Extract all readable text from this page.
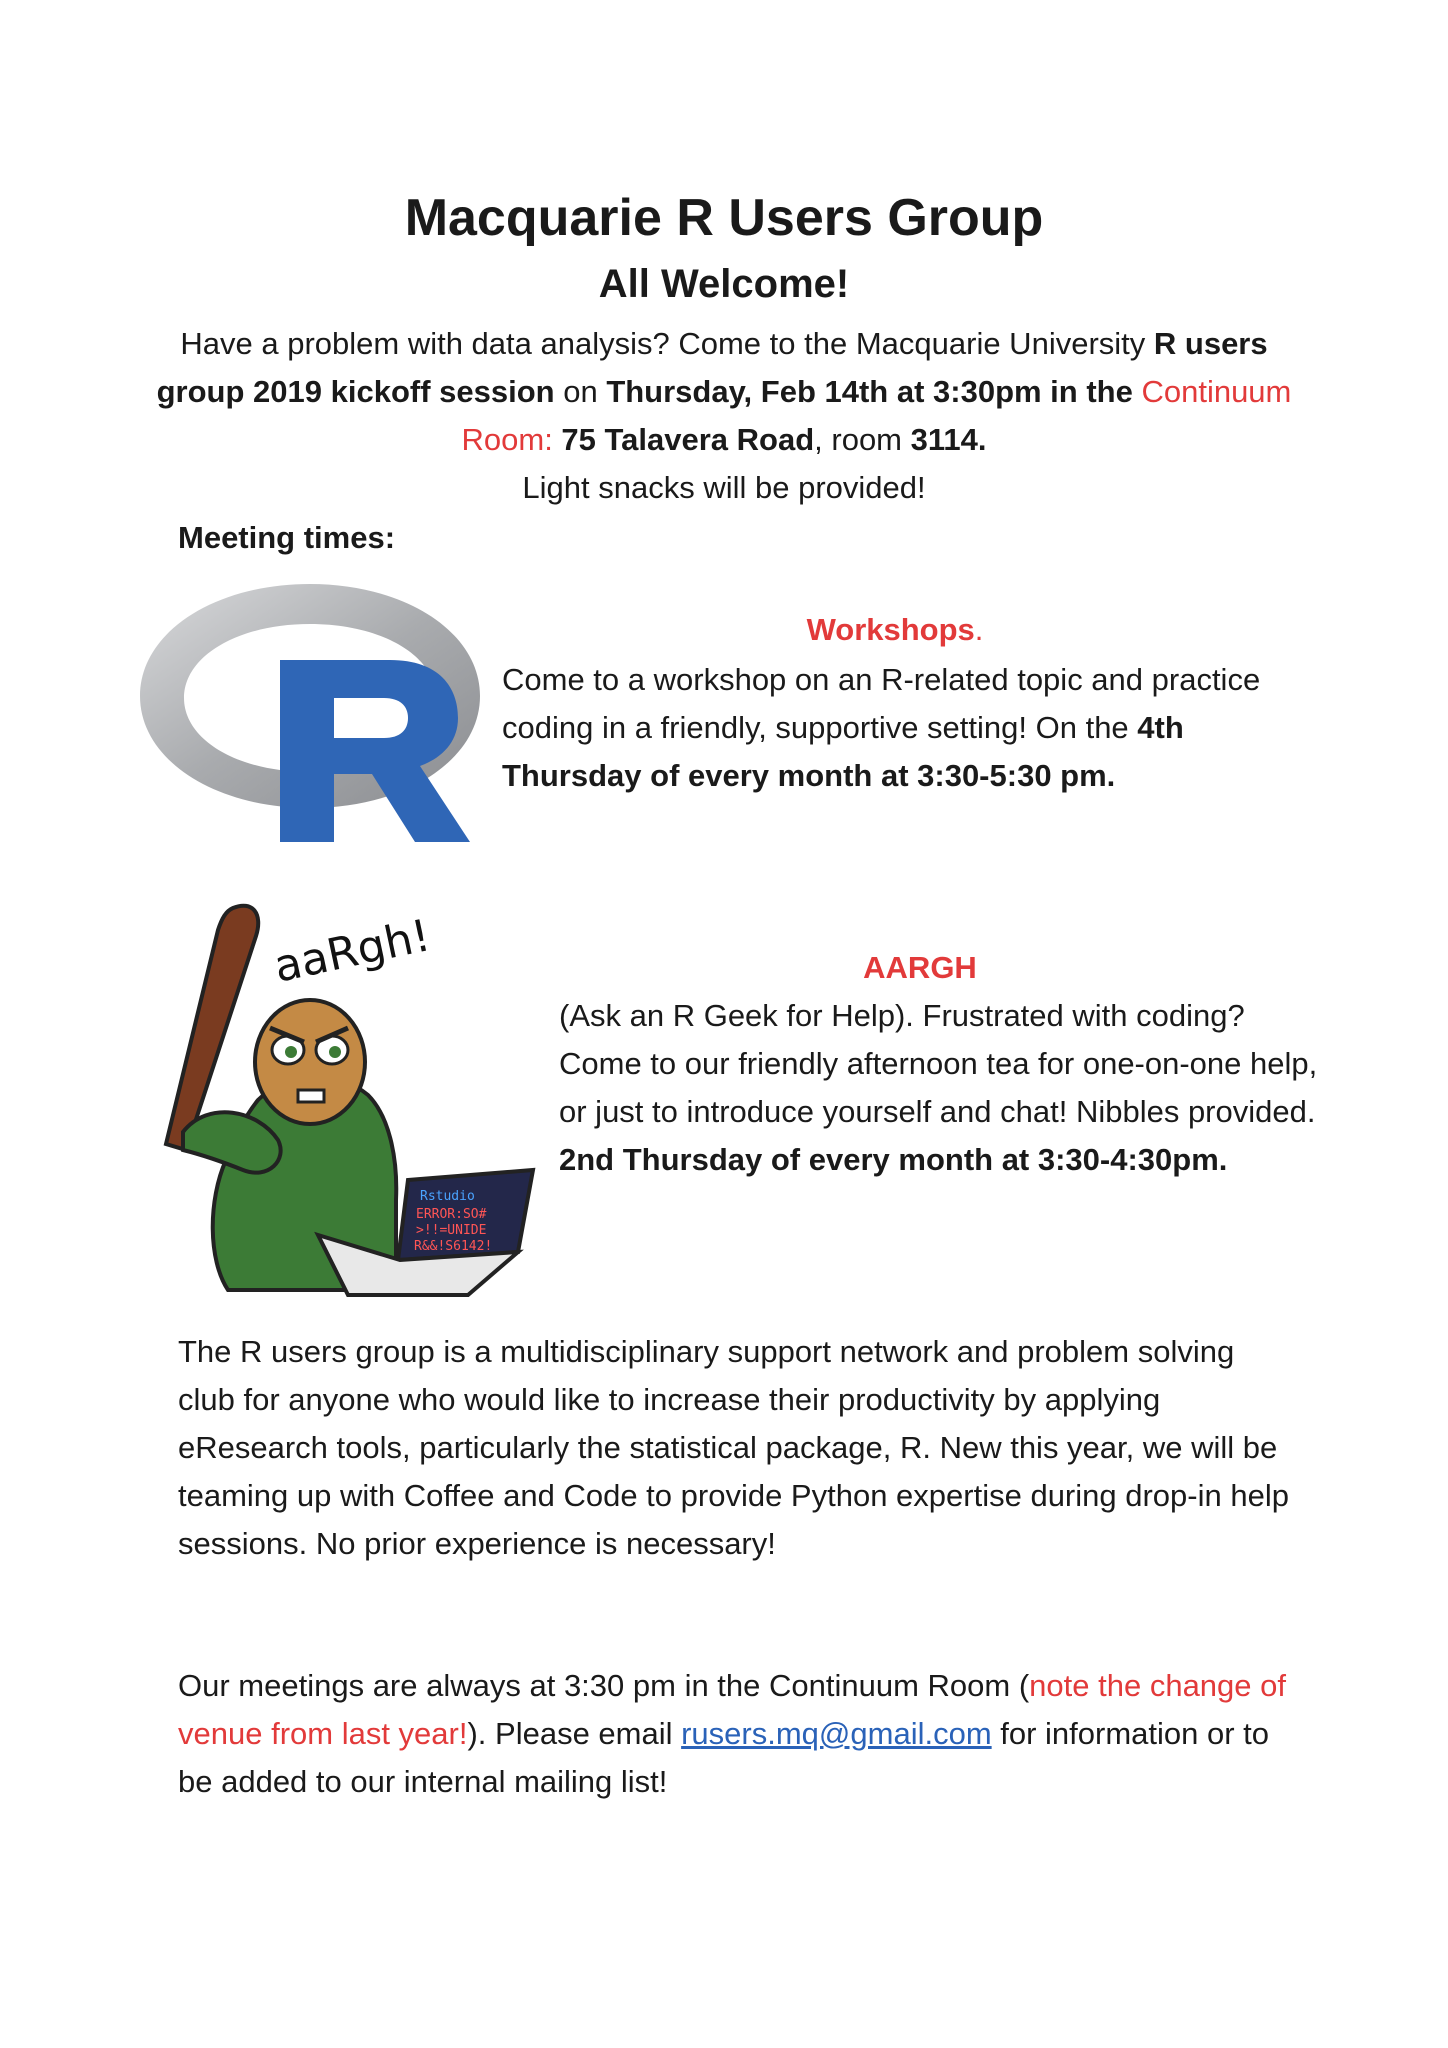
Macquarie R Users Group
All Welcome!
Have a problem with data analysis? Come to the Macquarie University R users group 2019 kickoff session on Thursday, Feb 14th at 3:30pm in the Continuum Room: 75 Talavera Road, room 3114.
Light snacks will be provided!
Meeting times:
Workshops.
Come to a workshop on an R-related topic and practice coding in a friendly, supportive setting! On the 4th Thursday of every month at 3:30-5:30 pm.
Rstudio
ERROR:SO#
>!!=UNIDE
R&&!S6142!
aaRgh!	AARGH
(Ask an R Geek for Help). Frustrated with coding? Come to our friendly afternoon tea for one-on-one help, or just to introduce yourself and chat! Nibbles provided. 2nd Thursday of every month at 3:30-4:30pm.
The R users group is a multidisciplinary support network and problem solving club for anyone who would like to increase their productivity by applying eResearch tools, particularly the statistical package, R. New this year, we will be teaming up with Coffee and Code to provide Python expertise during drop-in help sessions. No prior experience is necessary!
Our meetings are always at 3:30 pm in the Continuum Room (note the change of venue from last year!). Please email rusers.mq@gmail.com for information or to be added to our internal mailing list!
